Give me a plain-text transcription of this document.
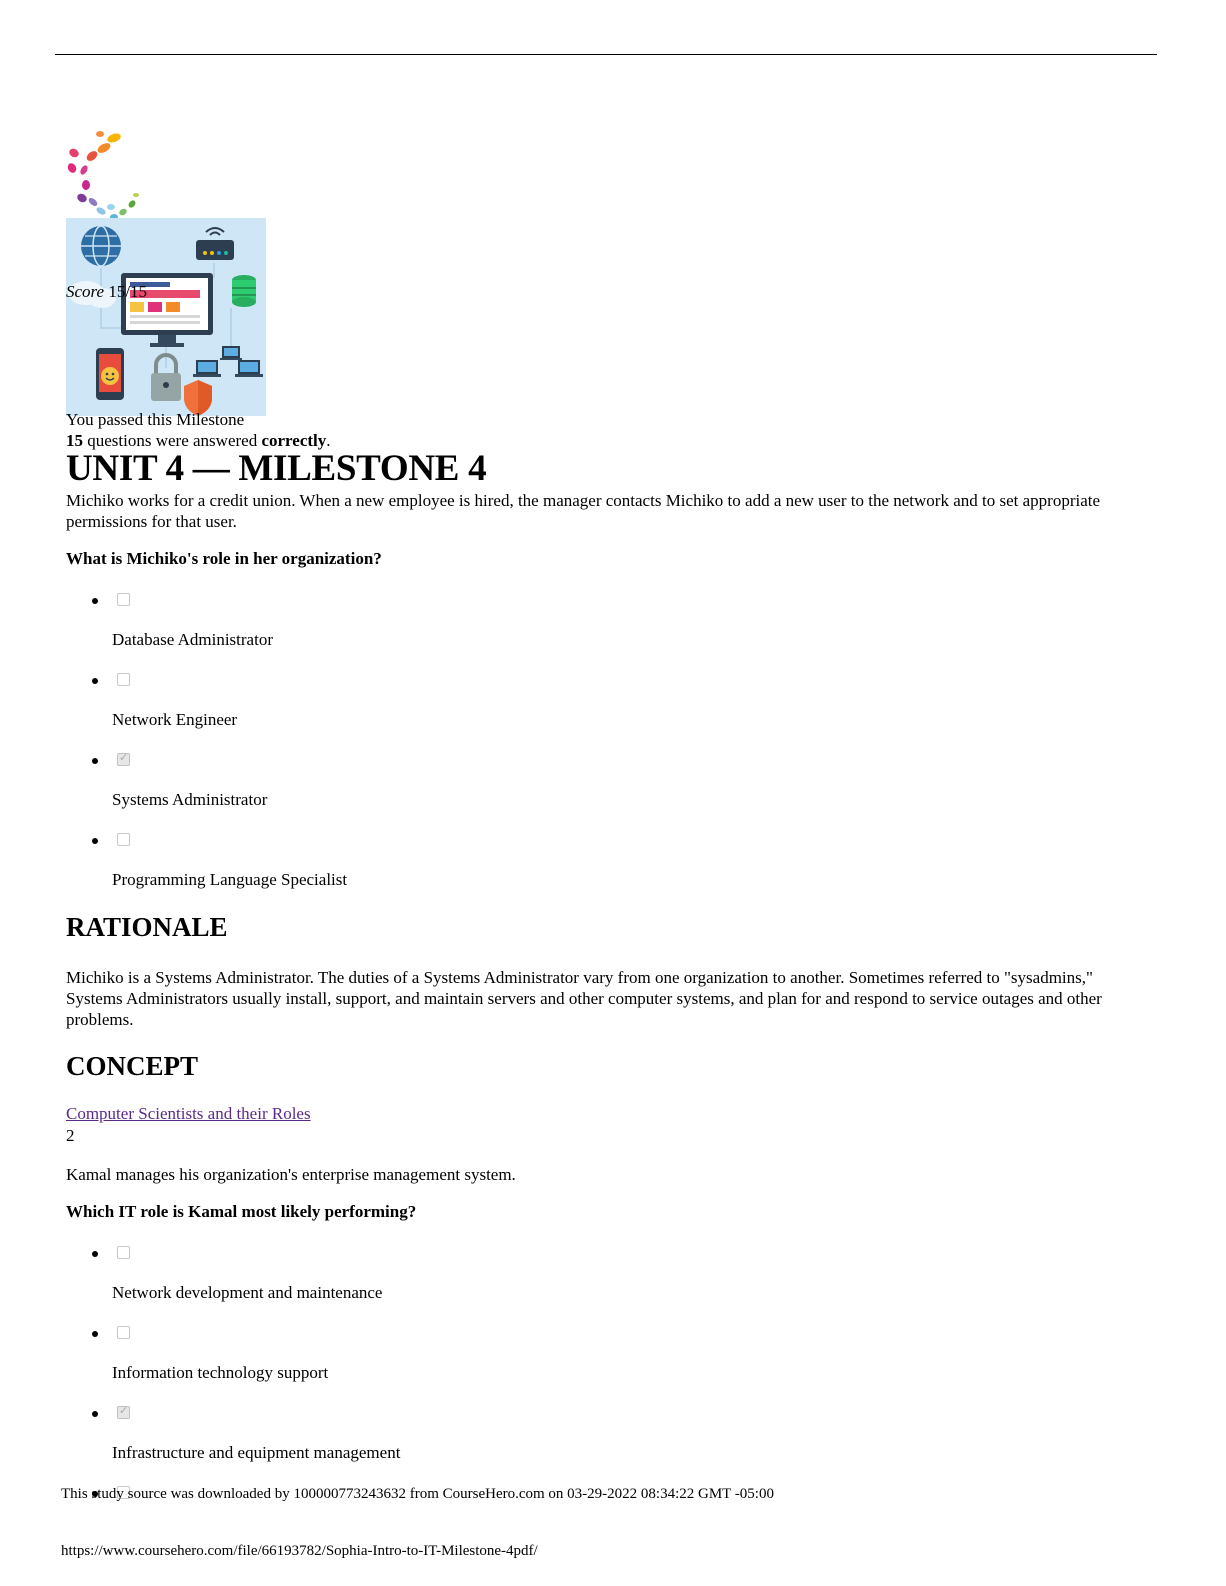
Score 15/15
You passed this Milestone
15 questions were answered correctly.
UNIT 4 — MILESTONE 4

Michiko works for a credit union. When a new employee is hired, the manager contacts Michiko to add a new user to the network and to set appropriate permissions for that user.

What is Michiko's role in her organization?

Database Administrator
Network Engineer
✓
Systems Administrator
Programming Language Specialist
RATIONALE

Michiko is a Systems Administrator. The duties of a Systems Administrator vary from one organization to another. Sometimes referred to "sysadmins," Systems Administrators usually install, support, and maintain servers and other computer systems, and plan for and respond to service outages and other problems.

CONCEPT
Computer Scientists and their Roles
2

Kamal manages his organization's enterprise management system.

Which IT role is Kamal most likely performing?

Network development and maintenance
Information technology support
✓
Infrastructure and equipment management
This study source was downloaded by 100000773243632 from CourseHero.com on 03-29-2022 08:34:22 GMT -05:00
https://www.coursehero.com/file/66193782/Sophia-Intro-to-IT-Milestone-4pdf/
